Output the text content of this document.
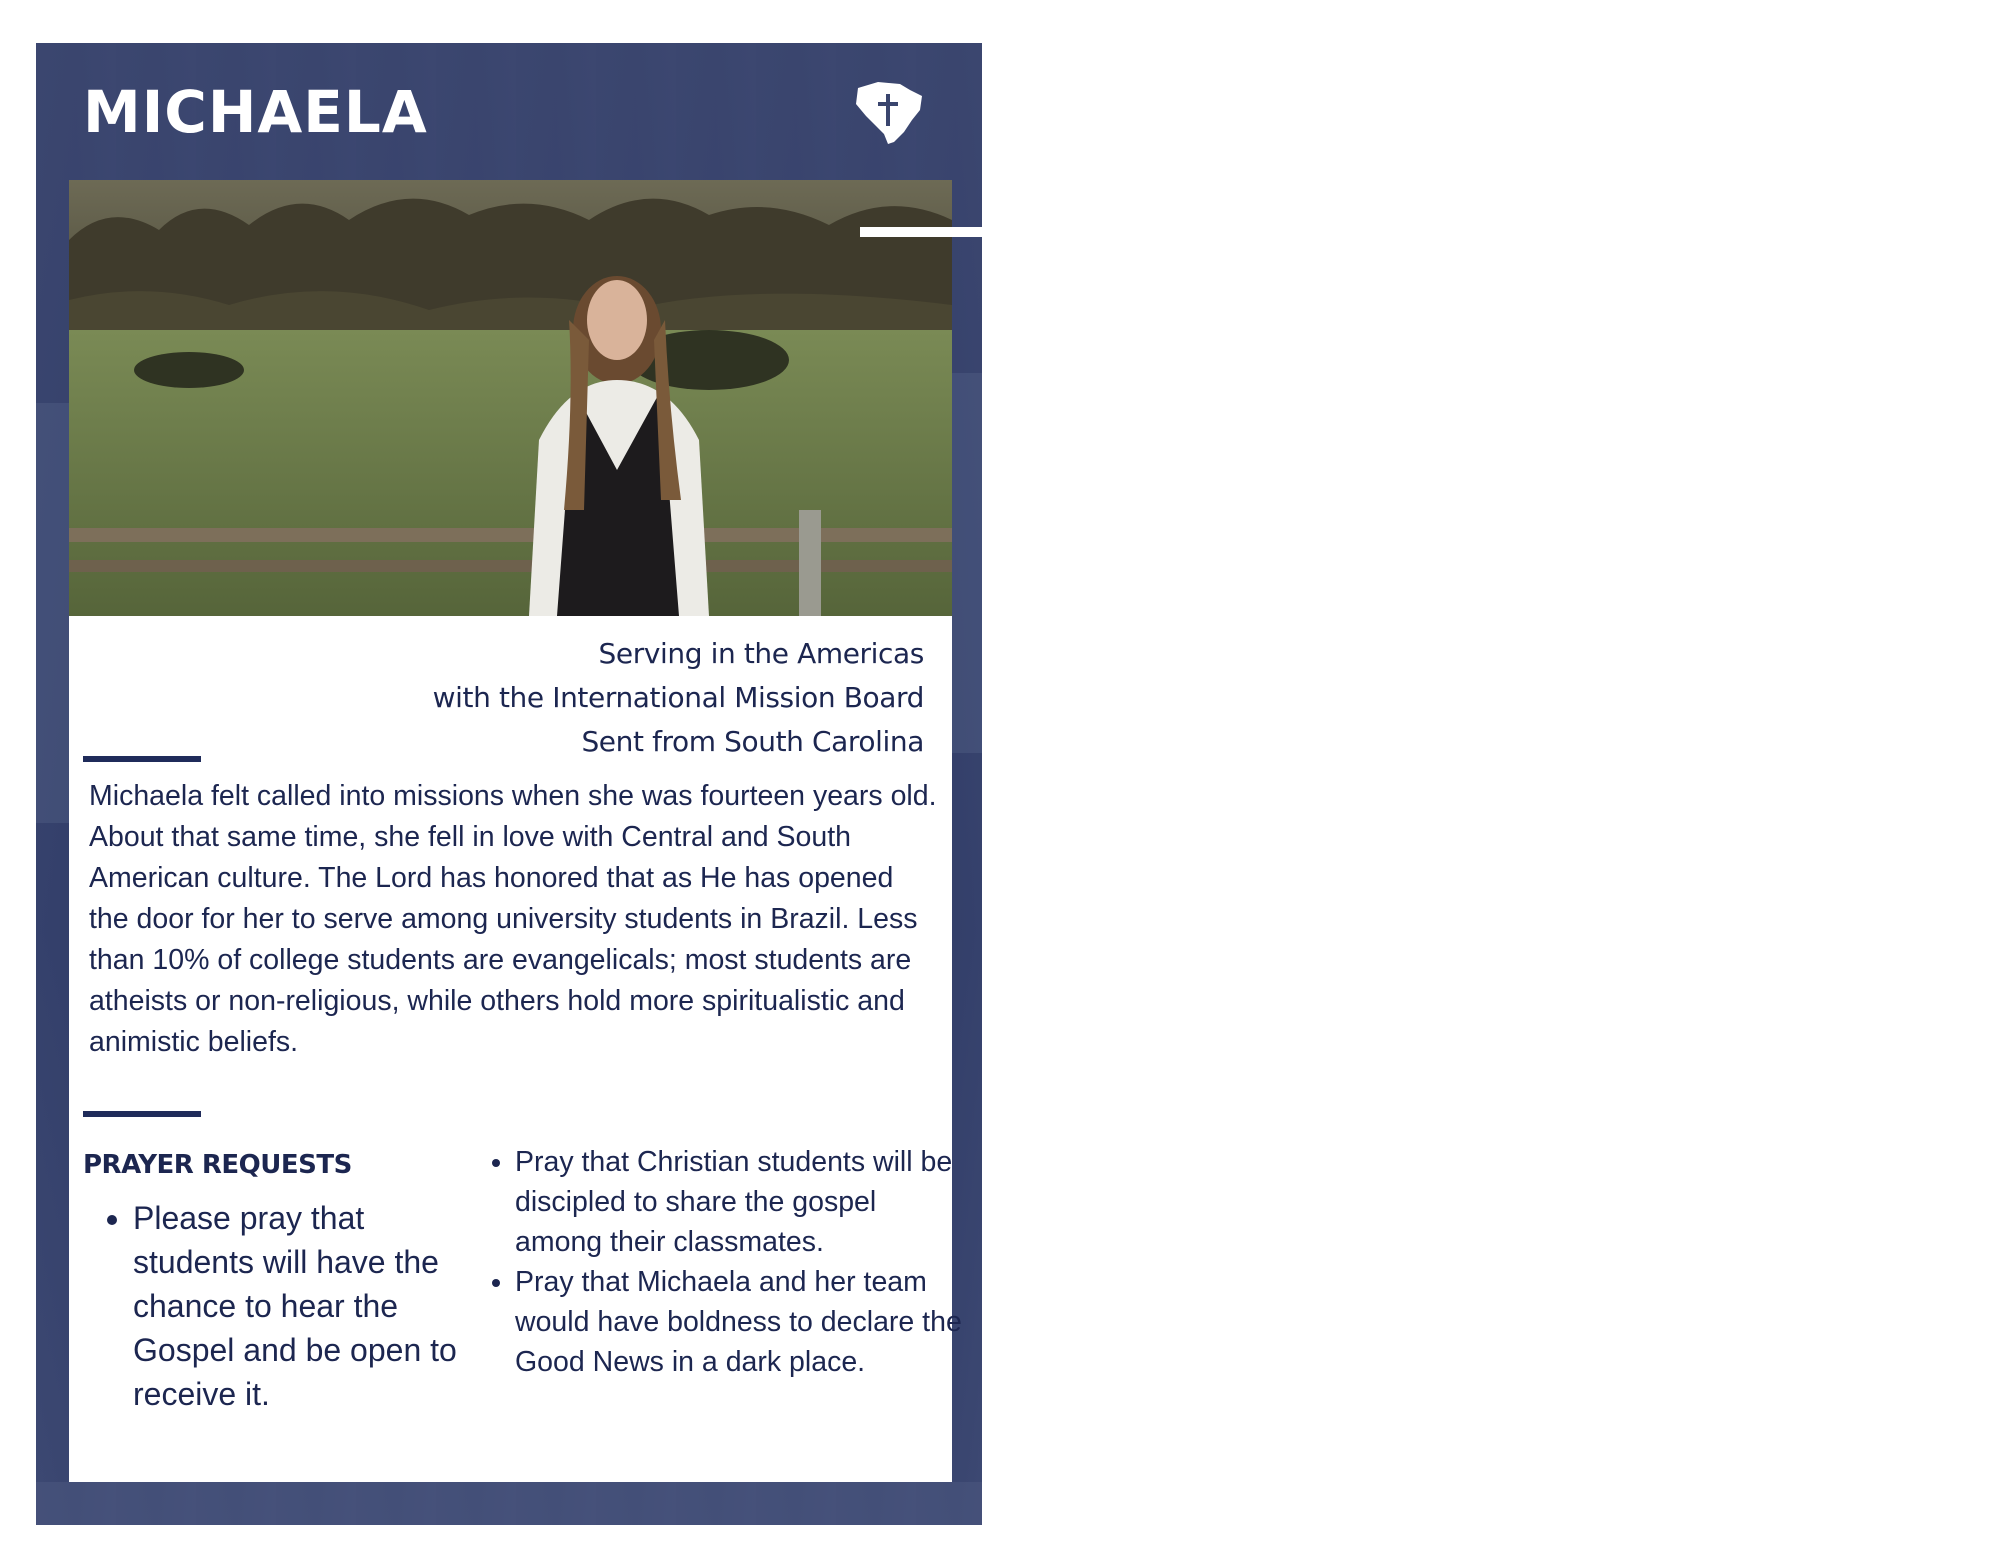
MICHAELA
Serving in the Americas
with the International Mission Board
Sent from South Carolina

Michaela felt called into missions when she was fourteen years old. About that same time, she fell in love with Central and South American culture. The Lord has honored that as He has opened the door for her to serve among university students in Brazil. Less than 10% of college students are evangelicals; most students are atheists or non-religious, while others hold more spiritualistic and animistic beliefs.

PRAYER REQUESTS
• Please pray that students will have the chance to hear the Gospel and be open to receive it.
• Pray that Christian students will be discipled to share the gospel among their classmates.
• Pray that Michaela and her team would have boldness to declare the Good News in a dark place.
